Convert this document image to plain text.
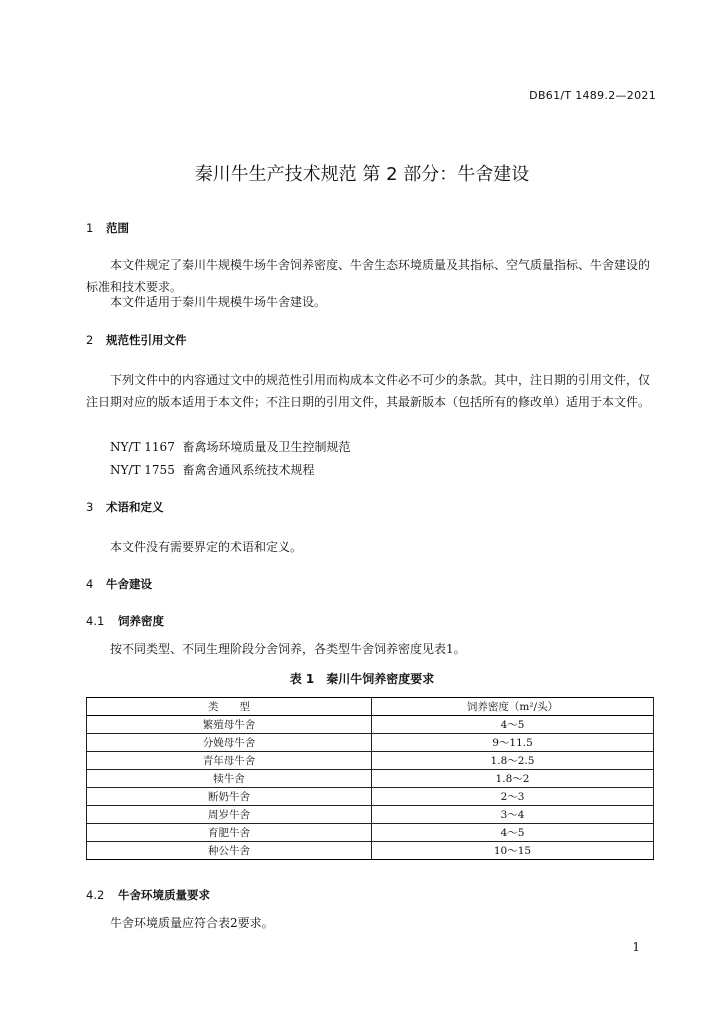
DB61/T 1489.2—2021
秦川牛生产技术规范 第 2 部分：牛舍建设
1 范围
本文件规定了秦川牛规模牛场牛舍饲养密度、牛舍生态环境质量及其指标、空气质量指标、牛舍建设的标准和技术要求。
本文件适用于秦川牛规模牛场牛舍建设。
2 规范性引用文件
下列文件中的内容通过文中的规范性引用而构成本文件必不可少的条款。其中，注日期的引用文件，仅注日期对应的版本适用于本文件；不注日期的引用文件，其最新版本（包括所有的修改单）适用于本文件。
NY/T 1167 畜禽场环境质量及卫生控制规范
NY/T 1755 畜禽舍通风系统技术规程
3 术语和定义
本文件没有需要界定的术语和定义。
4 牛舍建设
4.1 饲养密度
按不同类型、不同生理阶段分舍饲养，各类型牛舍饲养密度见表1。
表 1 秦川牛饲养密度要求
类　　型	饲养密度（m²/头）
繁殖母牛舍	4～5
分娩母牛舍	9～11.5
青年母牛舍	1.8～2.5
犊牛舍	1.8～2
断奶牛舍	2～3
周岁牛舍	3～4
育肥牛舍	4～5
种公牛舍	10～15
4.2 牛舍环境质量要求
牛舍环境质量应符合表2要求。
1
